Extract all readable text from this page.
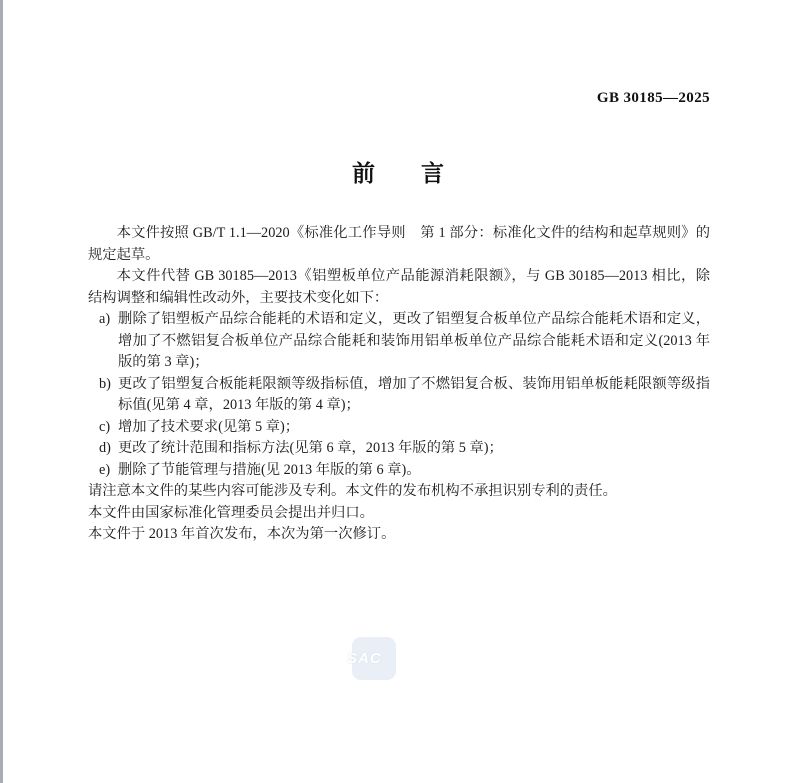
GB 30185—2025
前　　言

本文件按照 GB/T 1.1—2020《标准化工作导则　第 1 部分：标准化文件的结构和起草规则》的规定起草。

本文件代替 GB 30185—2013《铝塑板单位产品能源消耗限额》，与 GB 30185—2013 相比，除结构调整和编辑性改动外，主要技术变化如下：

a) 删除了铝塑板产品综合能耗的术语和定义，更改了铝塑复合板单位产品综合能耗术语和定义，增加了不燃铝复合板单位产品综合能耗和装饰用铝单板单位产品综合能耗术语和定义(2013 年版的第 3 章)；
b) 更改了铝塑复合板能耗限额等级指标值，增加了不燃铝复合板、装饰用铝单板能耗限额等级指标值(见第 4 章，2013 年版的第 4 章)；
c) 增加了技术要求(见第 5 章)；
d) 更改了统计范围和指标方法(见第 6 章，2013 年版的第 5 章)；
e) 删除了节能管理与措施(见 2013 年版的第 6 章)。

请注意本文件的某些内容可能涉及专利。本文件的发布机构不承担识别专利的责任。

本文件由国家标准化管理委员会提出并归口。

本文件于 2013 年首次发布，本次为第一次修订。

SAC
